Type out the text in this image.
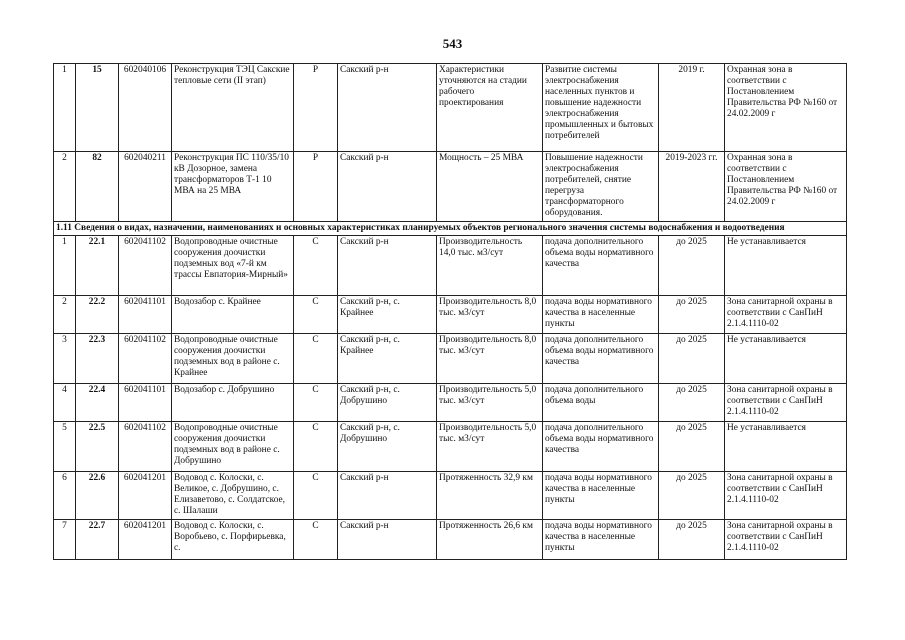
543
1	15	602040106	Реконструкция ТЭЦ Сакские тепловые сети (II этап)	Р	Сакский р-н	Характеристики уточняются на стадии рабочего проектирования	Развитие системы электроснабжения населенных пунктов и повышение надежности электроснабжения промышленных и бытовых потребителей	2019 г.	Охранная зона в соответствии с Постановлением Правительства РФ №160 от 24.02.2009 г
2	82	602040211	Реконструкция ПС 110/35/10 кВ Дозорное, замена трансформаторов Т-1 10 МВА на 25 МВА	Р	Сакский р-н	Мощность – 25 МВА	Повышение надежности электроснабжения потребителей, снятие перегруза трансформаторного оборудования.	2019-2023 гг.	Охранная зона в соответствии с Постановлением Правительства РФ №160 от 24.02.2009 г
1.11 Сведения о видах, назначении, наименованиях и основных характеристиках планируемых объектов регионального значения системы водоснабжения и водоотведения									
1	22.1	602041102	Водопроводные очистные сооружения доочистки подземных вод «7-й км трассы Евпатория-Мирный»	С	Сакский р-н	Производительность 14,0 тыс. м3/сут	подача дополнительного объема воды нормативного качества	до 2025	Не устанавливается
2	22.2	602041101	Водозабор с. Крайнее	С	Сакский р-н, с. Крайнее	Производительность 8,0 тыс. м3/сут	подача воды нормативного качества в населенные пункты	до 2025	Зона санитарной охраны в соответствии с СанПиН 2.1.4.1110-02
3	22.3	602041102	Водопроводные очистные сооружения доочистки подземных вод в районе с. Крайнее	С	Сакский р-н, с. Крайнее	Производительность 8,0 тыс. м3/сут	подача дополнительного объема воды нормативного качества	до 2025	Не устанавливается
4	22.4	602041101	Водозабор с. Добрушино	С	Сакский р-н, с. Добрушино	Производительность 5,0 тыс. м3/сут	подача дополнительного объема воды	до 2025	Зона санитарной охраны в соответствии с СанПиН 2.1.4.1110-02
5	22.5	602041102	Водопроводные очистные сооружения доочистки подземных вод в районе с. Добрушино	С	Сакский р-н, с. Добрушино	Производительность 5,0 тыс. м3/сут	подача дополнительного объема воды нормативного качества	до 2025	Не устанавливается
6	22.6	602041201	Водовод с. Колоски, с. Великое, с. Добрушино, с. Елизаветово, с. Солдатское, с. Шалаши	С	Сакский р-н	Протяженность 32,9 км	подача воды нормативного качества в населенные пункты	до 2025	Зона санитарной охраны в соответствии с СанПиН 2.1.4.1110-02
7	22.7	602041201	Водовод с. Колоски, с. Воробьево, с. Порфирьевка, с.	С	Сакский р-н	Протяженность 26,6 км	подача воды нормативного качества в населенные пункты	до 2025	Зона санитарной охраны в соответствии с СанПиН 2.1.4.1110-02
